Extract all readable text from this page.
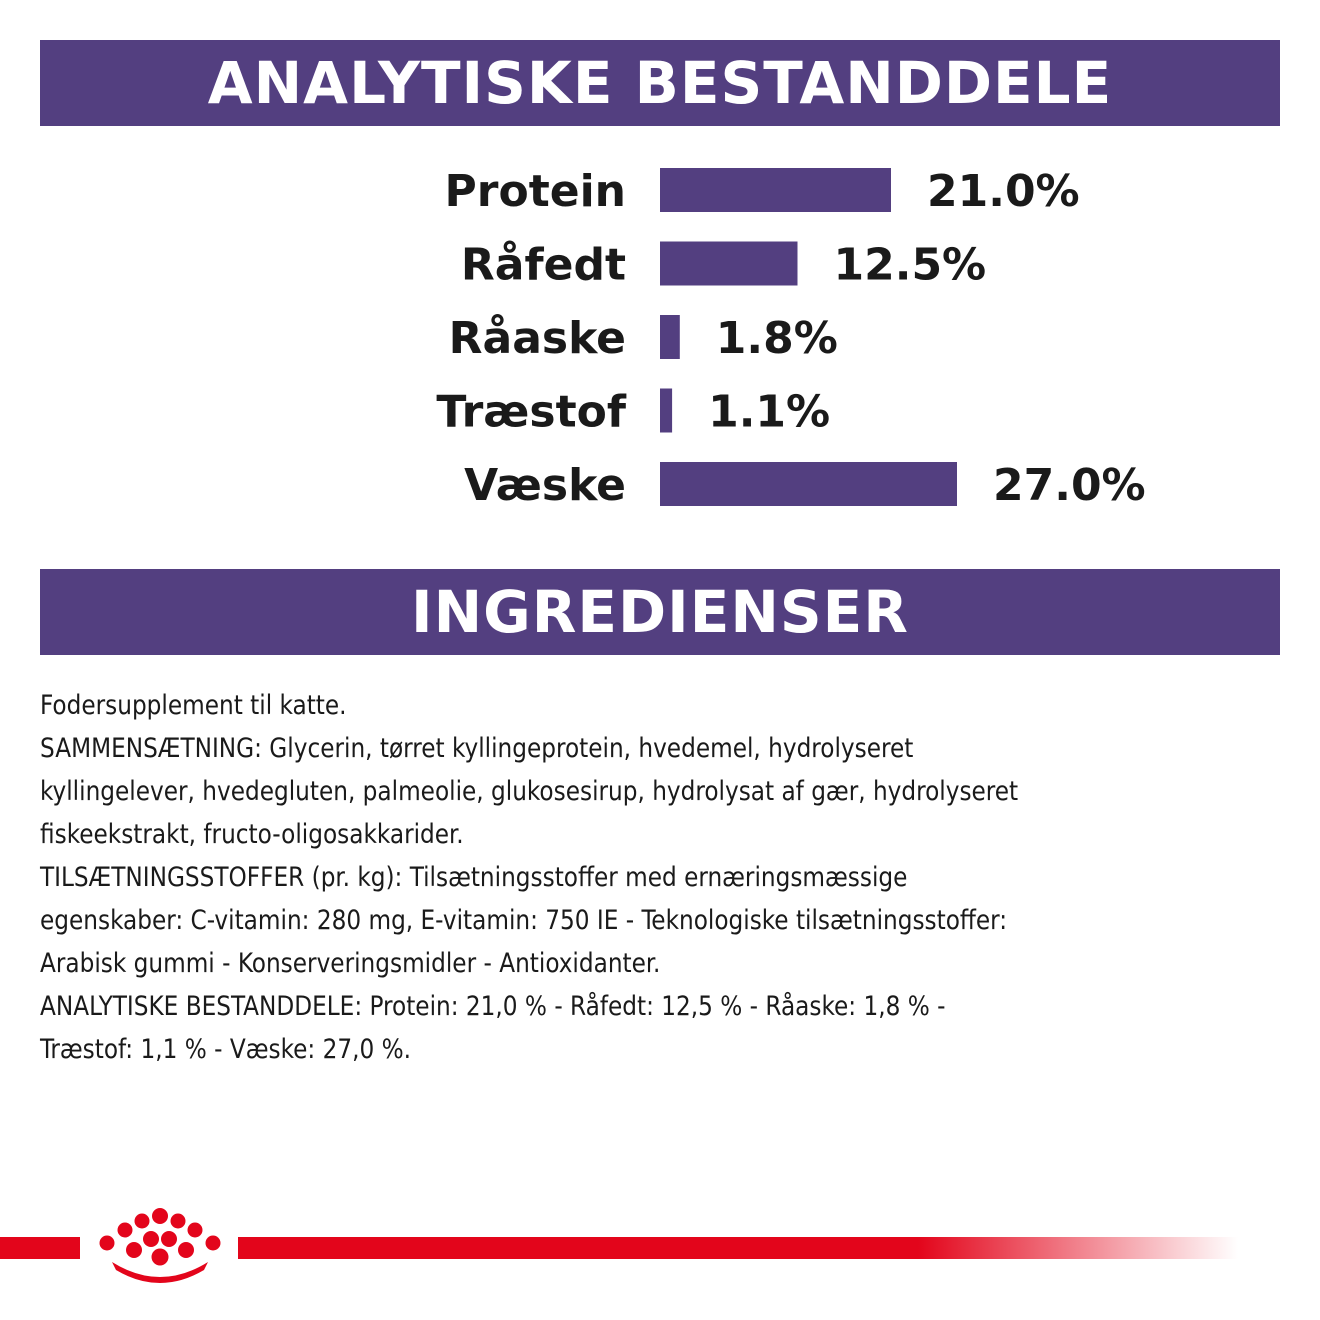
ANALYTISKE BESTANDDELE
Protein	21.0%
Råfedt	12.5%
Råaske 1.8%
Træstof 1.1%
Væske	27.0%
INGREDIENSER
Fodersupplement til katte.
SAMMENSÆTNING: Glycerin, tørret kyllingeprotein, hvedemel, hydrolyseret
kyllingelever, hvedegluten, palmeolie, glukosesirup, hydrolysat af gær, hydrolyseret
fiskeekstrakt, fructo-oligosakkarider.
TILSÆTNINGSSTOFFER (pr. kg): Tilsætningsstoffer med ernæringsmæssige
egenskaber: C-vitamin: 280 mg, E-vitamin: 750 IE - Teknologiske tilsætningsstoffer:
Arabisk gummi - Konserveringsmidler - Antioxidanter.
ANALYTISKE BESTANDDELE: Protein: 21,0 % - Råfedt: 12,5 % - Råaske: 1,8 % -
Træstof: 1,1 % - Væske: 27,0 %.
